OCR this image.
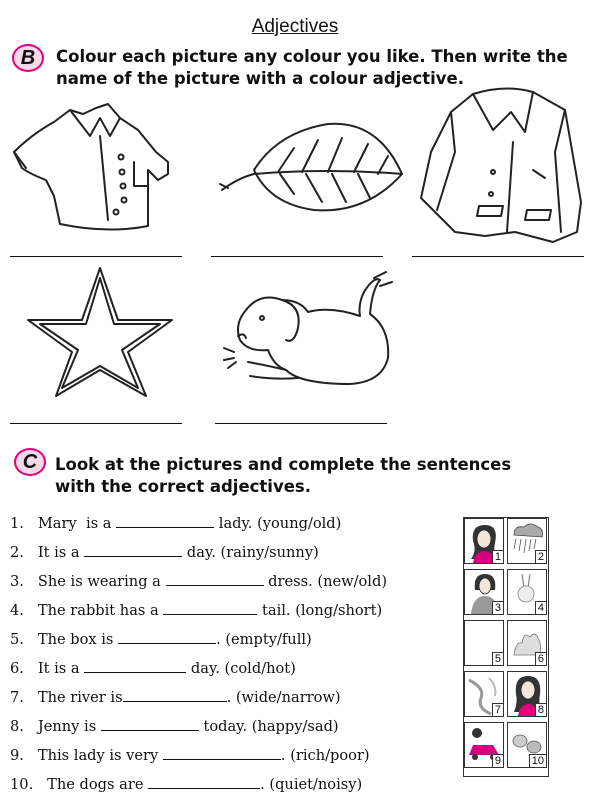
Adjectives
B	Colour each picture any colour you like. Then write the
name of the picture with a colour adjective.
C	Look at the pictures and complete the sentences
with the correct adjectives.
1. Mary  is a	lady. (young/old)
2. It is a	day. (rainy/sunny)
3. She is wearing a	dress. (new/old)
4. The rabbit has a	tail. (long/short)
5. The box is	. (empty/full)
6. It is a	day. (cold/hot)
7. The river is	. (wide/narrow)
8. Jenny is	today. (happy/sad)
9. This lady is very	. (rich/poor)
10. The dogs are	. (quiet/noisy)
1	2
3	4
5	6
7	8
9	10
